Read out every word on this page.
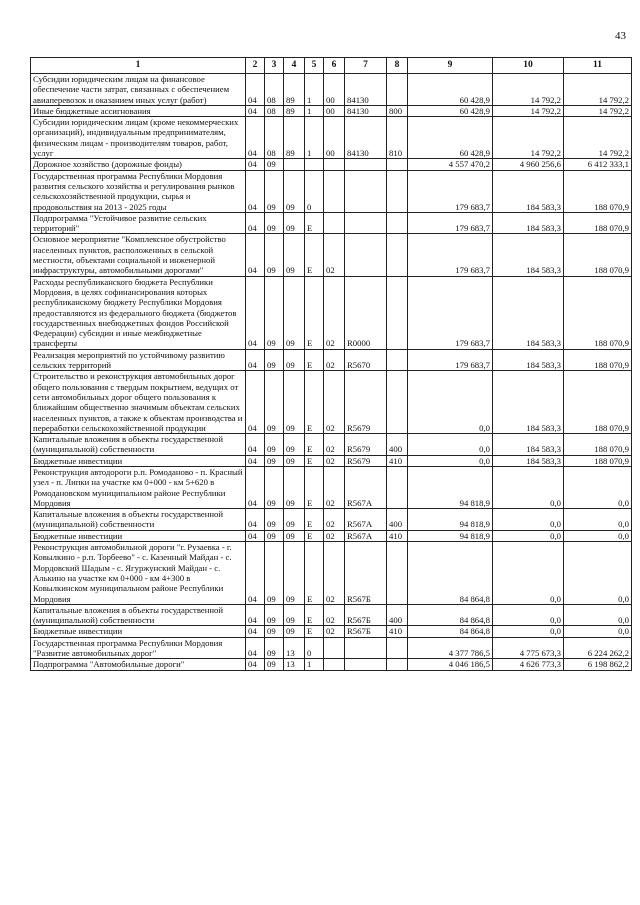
43
1	2	3	4	5	6	7	8	9	10	11
Субсидии юридическим лицам на финансовое обеспечение части затрат, связанных с обеспечением авиаперевозок и оказанием иных услуг (работ)	04	08	89	1	00	84130		60 428,9	14 792,2	14 792,2
Иные бюджетные ассигнования	04	08	89	1	00	84130	800	60 428,9	14 792,2	14 792,2
Субсидии юридическим лицам (кроме некоммерческих организаций), индивидуальным предпринимателям, физическим лицам - производителям товаров, работ, услуг	04	08	89	1	00	84130	810	60 428,9	14 792,2	14 792,2
Дорожное хозяйство (дорожные фонды)	04	09						4 557 470,2	4 960 256,6	6 412 333,1
Государственная программа Республики Мордовия развития сельского хозяйства и регулирования рынков сельскохозяйственной продукции, сырья и продовольствия на 2013 - 2025 годы	04	09	09	0				179 683,7	184 583,3	188 070,9
Подпрограмма "Устойчивое развитие сельских территорий"	04	09	09	Е				179 683,7	184 583,3	188 070,9
Основное мероприятие "Комплексное обустройство населенных пунктов, расположенных в сельской местности, объектами социальной и инженерной инфраструктуры, автомобильными дорогами"	04	09	09	Е	02			179 683,7	184 583,3	188 070,9
Расходы республиканского бюджета Республики Мордовия, в целях софинансирования которых республиканскому бюджету Республики Мордовия предоставляются из федерального бюджета (бюджетов государственных внебюджетных фондов Российской Федерации) субсидии и иные межбюджетные трансферты	04	09	09	Е	02	R0000		179 683,7	184 583,3	188 070,9
Реализация мероприятий по устойчивому развитию сельских территорий	04	09	09	Е	02	R5670		179 683,7	184 583,3	188 070,9
Строительство и реконструкция автомобильных дорог общего пользования с твердым покрытием, ведущих от сети автомобильных дорог общего пользования к ближайшим общественно значимым объектам сельских населенных пунктов, а также к объектам производства и переработки сельскохозяйственной продукции	04	09	09	Е	02	R5679		0,0	184 583,3	188 070,9
Капитальные вложения в объекты государственной (муниципальной) собственности	04	09	09	Е	02	R5679	400	0,0	184 583,3	188 070,9
Бюджетные инвестиции	04	09	09	Е	02	R5679	410	0,0	184 583,3	188 070,9
Реконструкция автодороги р.п. Ромоданово - п. Красный узел - п. Липки на участке км 0+000 - км 5+620 в Ромодановском муниципальном районе Республики Мордовия	04	09	09	Е	02	R567А		94 818,9	0,0	0,0
Капитальные вложения в объекты государственной (муниципальной) собственности	04	09	09	Е	02	R567А	400	94 818,9	0,0	0,0
Бюджетные инвестиции	04	09	09	Е	02	R567А	410	94 818,9	0,0	0,0
Реконструкция автомобильной дороги "г. Рузаевка - г. Ковылкино - р.п. Торбеево" - с. Казенный Майдан - с. Мордовский Шадым - с. Ягуржунский Майдан - с. Алькино на участке км 0+000 - км 4+300 в Ковылкинском муниципальном районе Республики Мордовия	04	09	09	Е	02	R567Б		84 864,8	0,0	0,0
Капитальные вложения в объекты государственной (муниципальной) собственности	04	09	09	Е	02	R567Б	400	84 864,8	0,0	0,0
Бюджетные инвестиции	04	09	09	Е	02	R567Б	410	84 864,8	0,0	0,0
Государственная программа Республики Мордовия "Развитие автомобильных дорог"	04	09	13	0				4 377 786,5	4 775 673,3	6 224 262,2
Подпрограмма "Автомобильные дороги"	04	09	13	1				4 046 186,5	4 626 773,3	6 198 862,2
